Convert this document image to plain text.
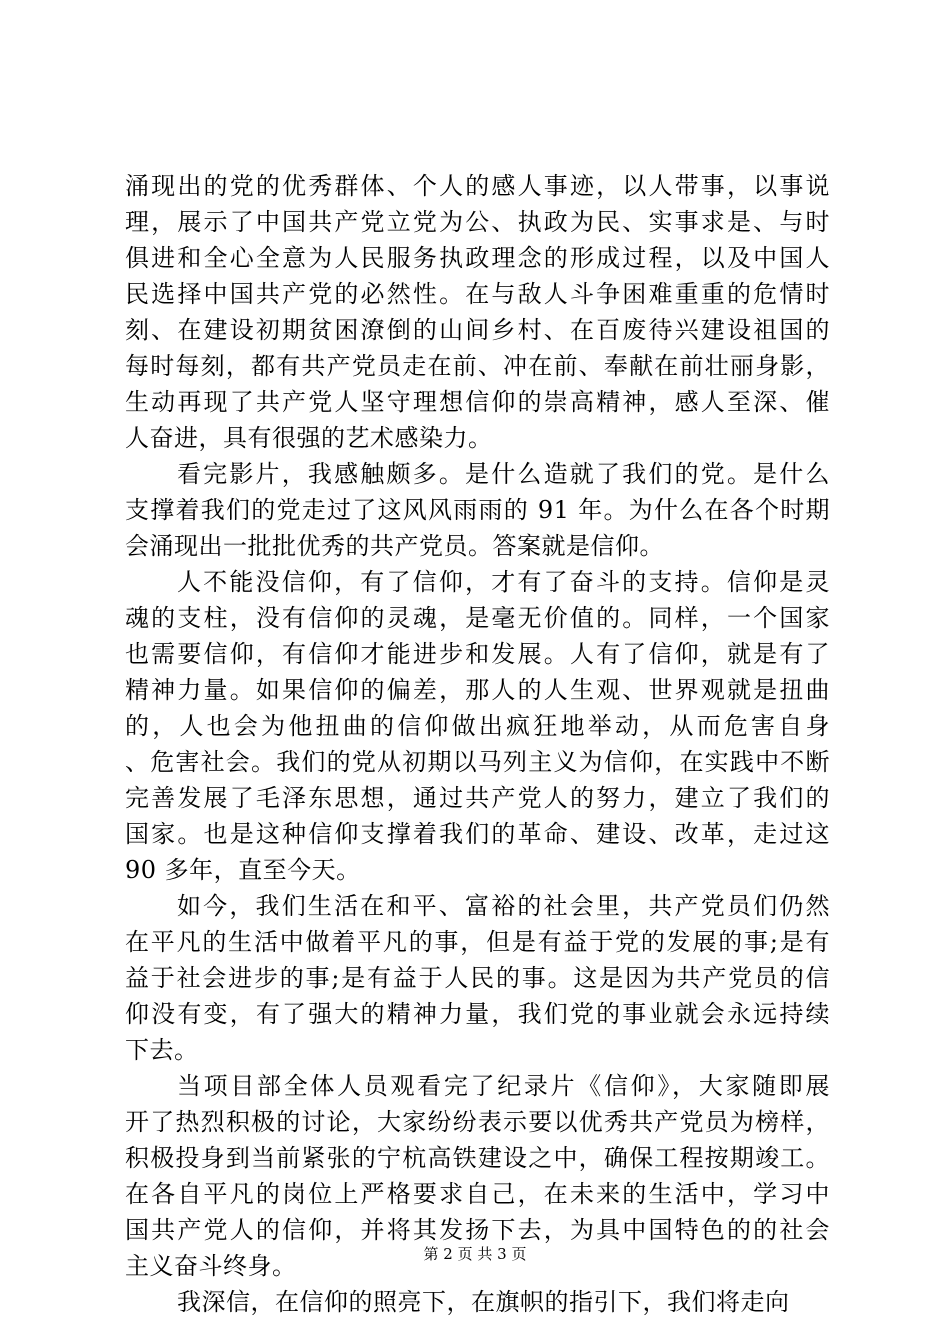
涌现出的党的优秀群体、个人的感人事迹，以人带事，以事说
理，展示了中国共产党立党为公、执政为民、实事求是、与时
俱进和全心全意为人民服务执政理念的形成过程，以及中国人
民选择中国共产党的必然性。在与敌人斗争困难重重的危情时
刻、在建设初期贫困潦倒的山间乡村、在百废待兴建设祖国的
每时每刻，都有共产党员走在前、冲在前、奉献在前壮丽身影，
生动再现了共产党人坚守理想信仰的崇高精神，感人至深、催
人奋进，具有很强的艺术感染力。
看完影片，我感触颇多。是什么造就了我们的党。是什么
支撑着我们的党走过了这风风雨雨的 91 年。为什么在各个时期
会涌现出一批批优秀的共产党员。答案就是信仰。
人不能没信仰，有了信仰，才有了奋斗的支持。信仰是灵
魂的支柱，没有信仰的灵魂，是毫无价值的。同样，一个国家
也需要信仰，有信仰才能进步和发展。人有了信仰，就是有了
精神力量。如果信仰的偏差，那人的人生观、世界观就是扭曲
的，人也会为他扭曲的信仰做出疯狂地举动，从而危害自身
、危害社会。我们的党从初期以马列主义为信仰，在实践中不断
完善发展了毛泽东思想，通过共产党人的努力，建立了我们的
国家。也是这种信仰支撑着我们的革命、建设、改革，走过这
90 多年，直至今天。
如今，我们生活在和平、富裕的社会里，共产党员们仍然
在平凡的生活中做着平凡的事，但是有益于党的发展的事;是有
益于社会进步的事;是有益于人民的事。这是因为共产党员的信
仰没有变，有了强大的精神力量，我们党的事业就会永远持续
下去。
当项目部全体人员观看完了纪录片《信仰》，大家随即展
开了热烈积极的讨论，大家纷纷表示要以优秀共产党员为榜样，
积极投身到当前紧张的宁杭高铁建设之中，确保工程按期竣工。
在各自平凡的岗位上严格要求自己，在未来的生活中，学习中
国共产党人的信仰，并将其发扬下去，为具中国特色的的社会
主义奋斗终身。
我深信，在信仰的照亮下，在旗帜的指引下，我们将走向
第 2 页 共 3 页
